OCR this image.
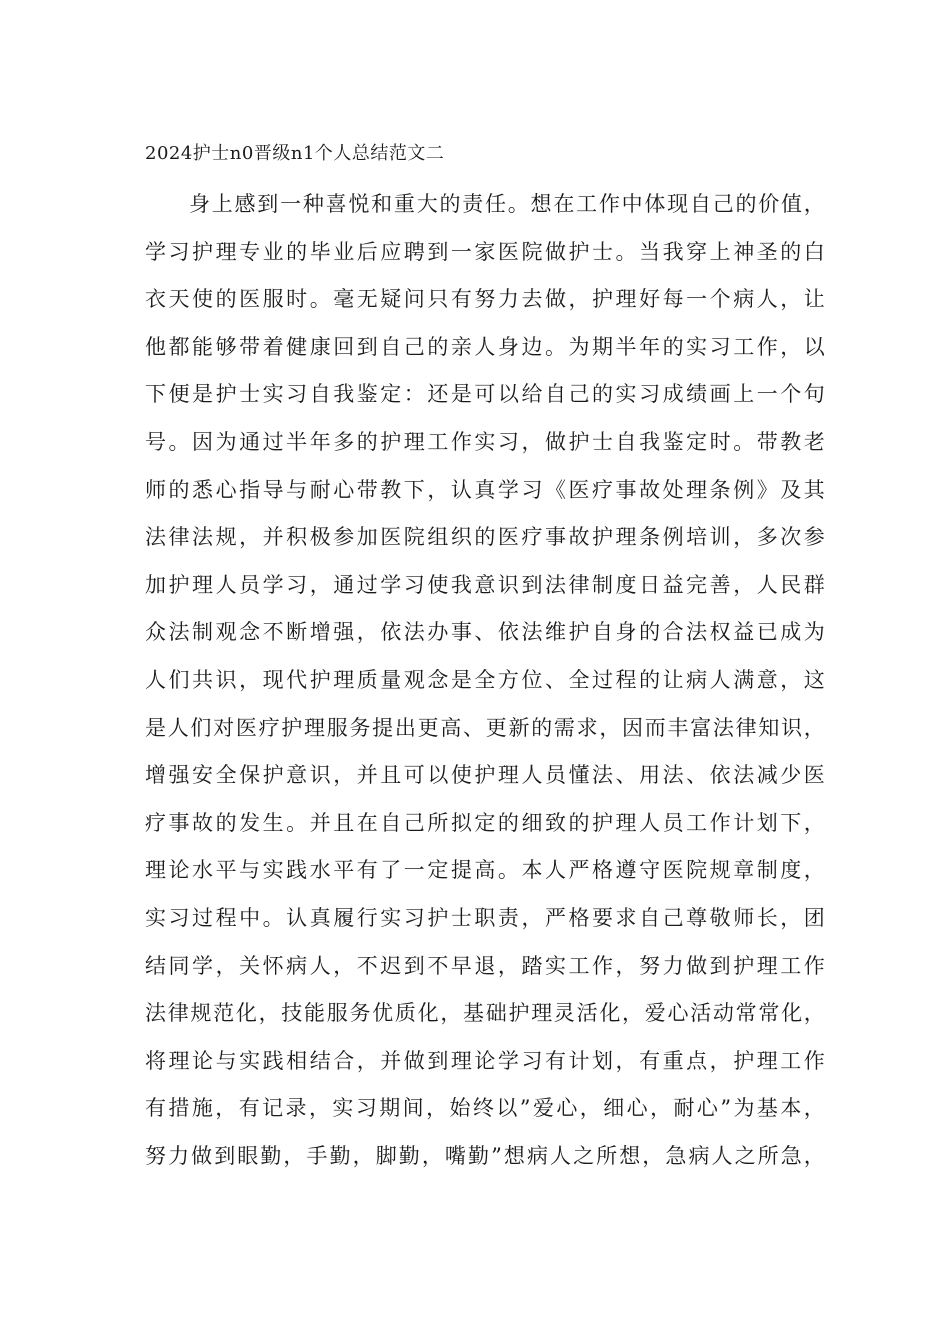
2024护士n0晋级n1个人总结范文二
身上感到一种喜悦和重大的责任。想在工作中体现自己的价值，
学习护理专业的毕业后应聘到一家医院做护士。当我穿上神圣的白
衣天使的医服时。毫无疑问只有努力去做，护理好每一个病人，让
他都能够带着健康回到自己的亲人身边。为期半年的实习工作，以
下便是护士实习自我鉴定：还是可以给自己的实习成绩画上一个句
号。因为通过半年多的护理工作实习，做护士自我鉴定时。带教老
师的悉心指导与耐心带教下，认真学习《医疗事故处理条例》及其
法律法规，并积极参加医院组织的医疗事故护理条例培训，多次参
加护理人员学习，通过学习使我意识到法律制度日益完善，人民群
众法制观念不断增强，依法办事、依法维护自身的合法权益已成为
人们共识，现代护理质量观念是全方位、全过程的让病人满意，这
是人们对医疗护理服务提出更高、更新的需求，因而丰富法律知识，
增强安全保护意识，并且可以使护理人员懂法、用法、依法减少医
疗事故的发生。并且在自己所拟定的细致的护理人员工作计划下，
理论水平与实践水平有了一定提高。本人严格遵守医院规章制度，
实习过程中。认真履行实习护士职责，严格要求自己尊敬师长，团
结同学，关怀病人，不迟到不早退，踏实工作，努力做到护理工作
法律规范化，技能服务优质化，基础护理灵活化，爱心活动常常化，
将理论与实践相结合，并做到理论学习有计划，有重点，护理工作
有措施，有记录，实习期间，始终以”爱心，细心，耐心”为基本，
努力做到眼勤，手勤，脚勤，嘴勤”想病人之所想，急病人之所急，
